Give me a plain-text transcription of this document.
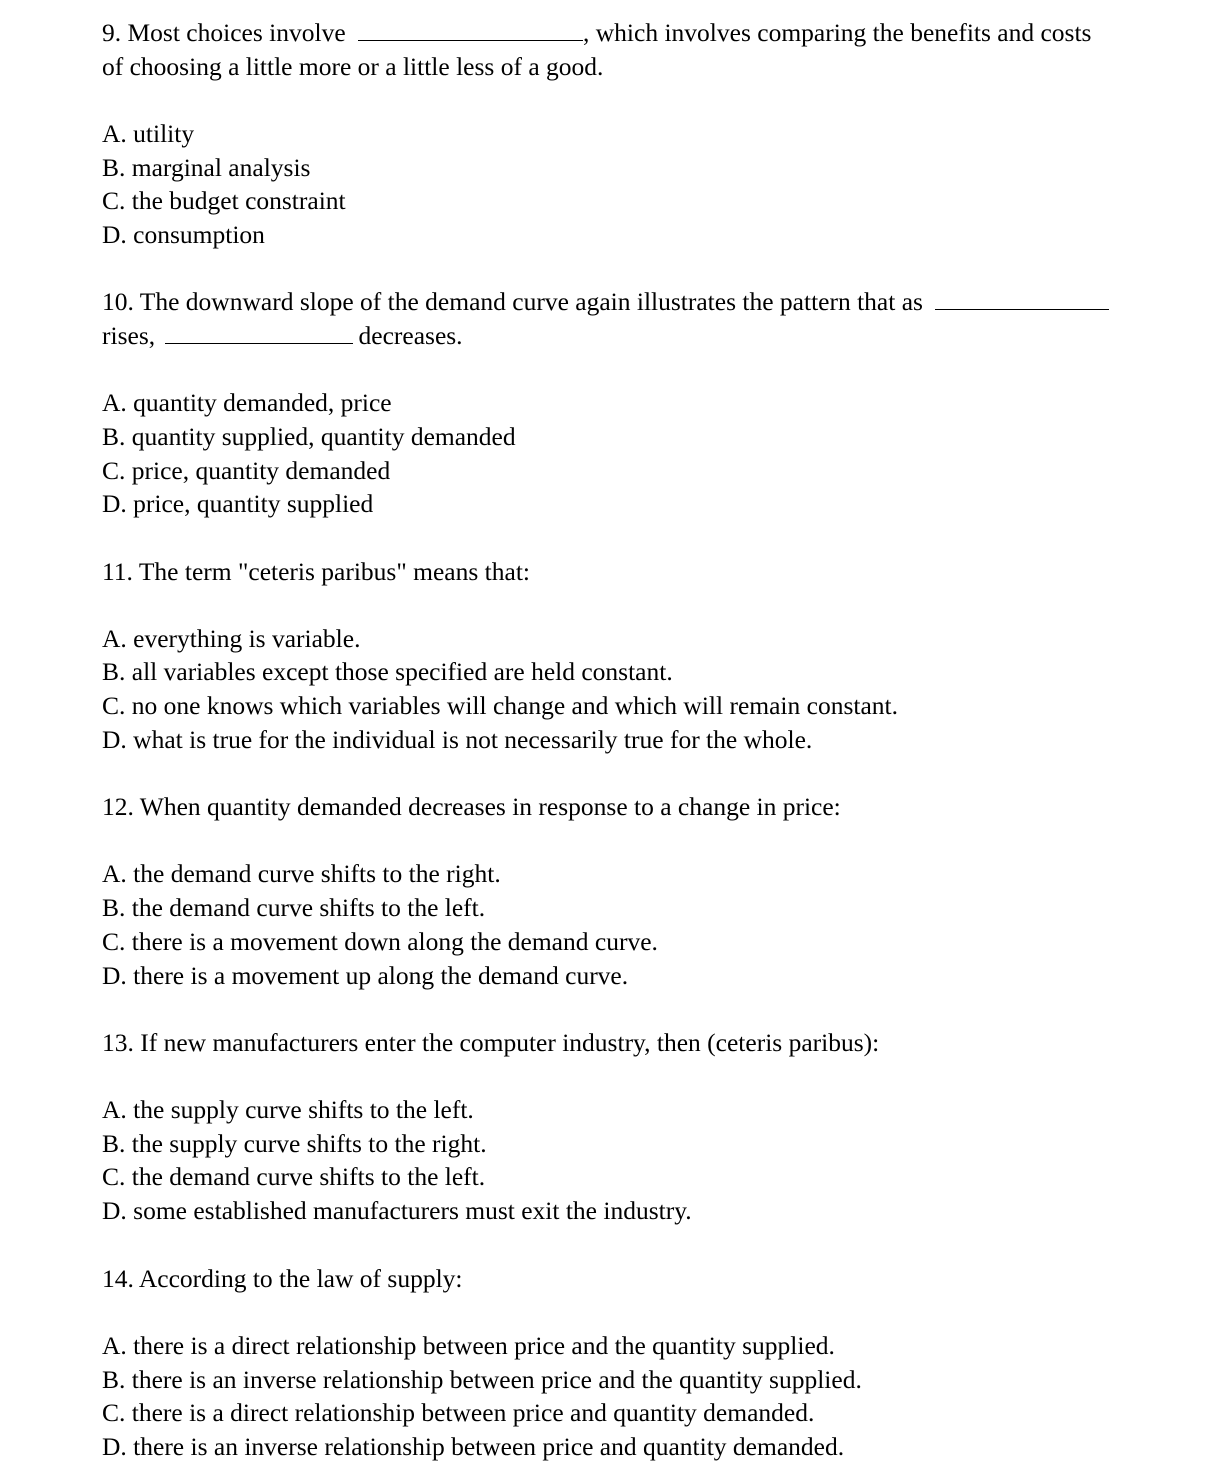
9. Most choices involve	, which involves comparing the benefits and costs
of choosing a little more or a little less of a good.
A. utility
B. marginal analysis
C. the budget constraint
D. consumption
10. The downward slope of the demand curve again illustrates the pattern that as
rises,	decreases.
A. quantity demanded, price
B. quantity supplied, quantity demanded
C. price, quantity demanded
D. price, quantity supplied
11. The term "ceteris paribus" means that:
A. everything is variable.
B. all variables except those specified are held constant.
C. no one knows which variables will change and which will remain constant.
D. what is true for the individual is not necessarily true for the whole.
12. When quantity demanded decreases in response to a change in price:
A. the demand curve shifts to the right.
B. the demand curve shifts to the left.
C. there is a movement down along the demand curve.
D. there is a movement up along the demand curve.
13. If new manufacturers enter the computer industry, then (ceteris paribus):
A. the supply curve shifts to the left.
B. the supply curve shifts to the right.
C. the demand curve shifts to the left.
D. some established manufacturers must exit the industry.
14. According to the law of supply:
A. there is a direct relationship between price and the quantity supplied.
B. there is an inverse relationship between price and the quantity supplied.
C. there is a direct relationship between price and quantity demanded.
D. there is an inverse relationship between price and quantity demanded.
